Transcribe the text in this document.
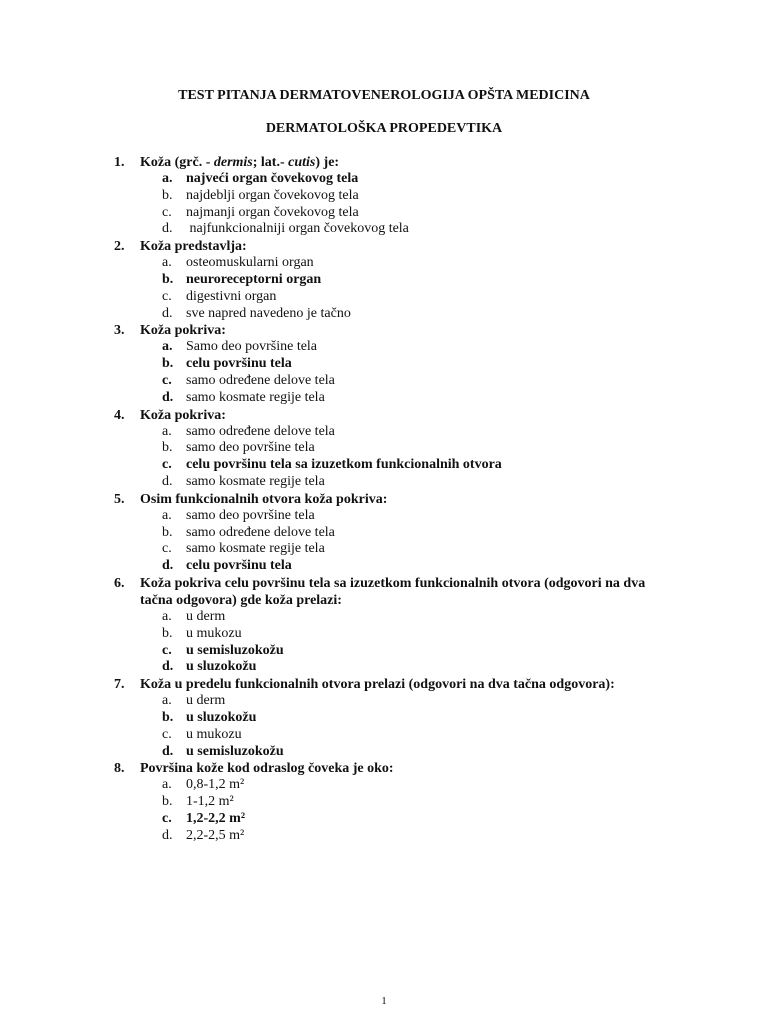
TEST PITANJA DERMATOVENEROLOGIJA OPŠTA MEDICINA
DERMATOLOŠKA PROPEDEVTIKA
1. Koža (grč. - dermis; lat.- cutis) je:
a. najveći organ čovekovog tela
b. najdeblji organ čovekovog tela
c. najmanji organ čovekovog tela
d. najfunkcionalniji organ čovekovog tela
2. Koža predstavlja:
a. osteomuskularni organ
b. neuroreceptorni organ
c. digestivni organ
d. sve napred navedeno je tačno
3. Koža pokriva:
a. Samo deo površine tela
b. celu površinu tela
c. samo određene delove tela
d. samo kosmate regije tela
4. Koža pokriva:
a. samo određene delove tela
b. samo deo površine tela
c. celu površinu tela sa izuzetkom funkcionalnih otvora
d. samo kosmate regije tela
5. Osim funkcionalnih otvora koža pokriva:
a. samo deo površine tela
b. samo određene delove tela
c. samo kosmate regije tela
d. celu površinu tela
6. Koža pokriva celu površinu tela sa izuzetkom funkcionalnih otvora (odgovori na dva tačna odgovora) gde koža prelazi:
a. u derm
b. u mukozu
c. u semisluzokožu
d. u sluzokožu
7. Koža u predelu funkcionalnih otvora prelazi (odgovori na dva tačna odgovora):
a. u derm
b. u sluzokožu
c. u mukozu
d. u semisluzokožu
8. Površina kože kod odraslog čoveka je oko:
a. 0,8-1,2 m²
b. 1-1,2 m²
c. 1,2-2,2 m²
d. 2,2-2,5 m²
1
